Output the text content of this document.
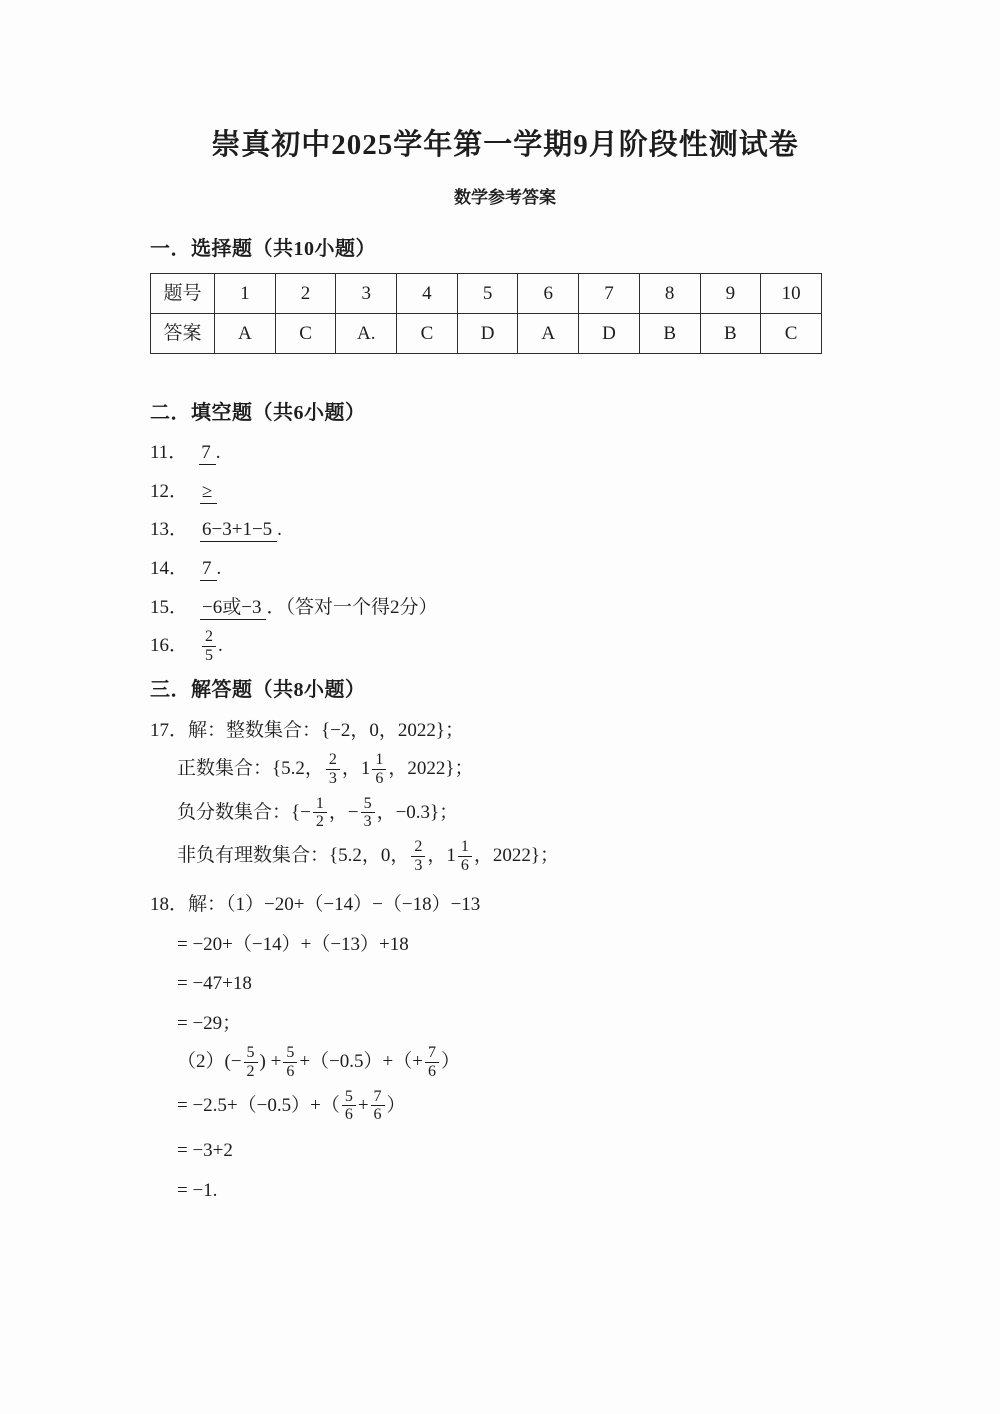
崇真初中2025学年第一学期9月阶段性测试卷
数学参考答案
一．选择题（共10小题）
题号	1	2	3	4	5	6	7	8	9	10
答案	A	C	A.	C	D	A	D	B	B	C
二．填空题（共6小题）
11． 7 .
12． ≥
13． 6−3+1−5 .
14． 7 .
15． −6或−3 ．（答对一个得2分）
16． $\frac{2}{5}$ .
三．解答题（共8小题）
17．解：整数集合：{−2，0，2022}；
正数集合：{5.2， $\frac{2}{3}$ ，$1 \frac{1}{6}$ ，2022}；
负分数集合：{− $\frac{1}{2}$ ，− $\frac{5}{3}$ ，−0.3}；
非负有理数集合：{5.2，0， $\frac{2}{3}$ ，$1 \frac{1}{6}$ ，2022}；
18．解：（1）−20+（−14）−（−18）−13
= −20+（−14）+（−13）+18
= −47+18
= −29；
$(2)(- \frac{5}{2}$ ) + $\frac{5}{6} +(-0.5)+(+ \frac{7}{6}$ ）
= $-2.5+(-0.5)+( \frac{5}{6} + \frac{7}{6}$ ）
= −3+2
= −1.
